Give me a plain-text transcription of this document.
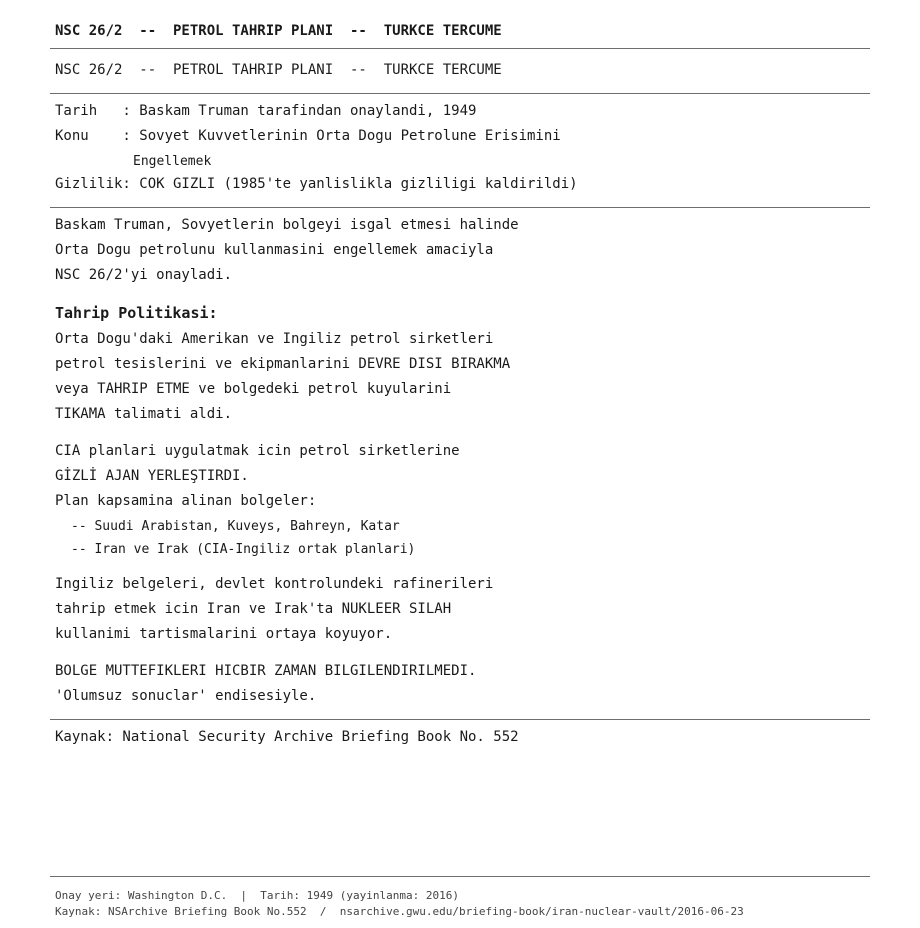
NSC 26/2  --  PETROL TAHRIP PLANI  --  TURKCE TERCUME
NSC 26/2  --  PETROL TAHRIP PLANI  --  TURKCE TERCUME
Tarih   : Baskam Truman tarafindan onaylandi, 1949
Konu    : Sovyet Kuvvetlerinin Orta Dogu Petrolune Erisimini
Engellemek
Gizlilik: COK GIZLI (1985'te yanlislikla gizliligi kaldirildi)
Baskam Truman, Sovyetlerin bolgeyi isgal etmesi halinde
Orta Dogu petrolunu kullanmasini engellemek amaciyla
NSC 26/2'yi onayladi.
Tahrip Politikasi:
Orta Dogu'daki Amerikan ve Ingiliz petrol sirketleri
petrol tesislerini ve ekipmanlarini DEVRE DISI BIRAKMA
veya TAHRIP ETME ve bolgedeki petrol kuyularini
TIKAMA talimati aldi.
CIA planlari uygulatmak icin petrol sirketlerine
GİZLİ AJAN YERLEŞTIRDI.
Plan kapsamina alinan bolgeler:
-- Suudi Arabistan, Kuveys, Bahreyn, Katar
-- Iran ve Irak (CIA-Ingiliz ortak planlari)
Ingiliz belgeleri, devlet kontrolundeki rafinerileri
tahrip etmek icin Iran ve Irak'ta NUKLEER SILAH
kullanimi tartismalarini ortaya koyuyor.
BOLGE MUTTEFIKLERI HICBIR ZAMAN BILGILENDIRILMEDI.
'Olumsuz sonuclar' endisesiyle.
Kaynak: National Security Archive Briefing Book No. 552
Onay yeri: Washington D.C.  |  Tarih: 1949 (yayinlanma: 2016)
Kaynak: NSArchive Briefing Book No.552  /  nsarchive.gwu.edu/briefing-book/iran-nuclear-vault/2016-06-23
